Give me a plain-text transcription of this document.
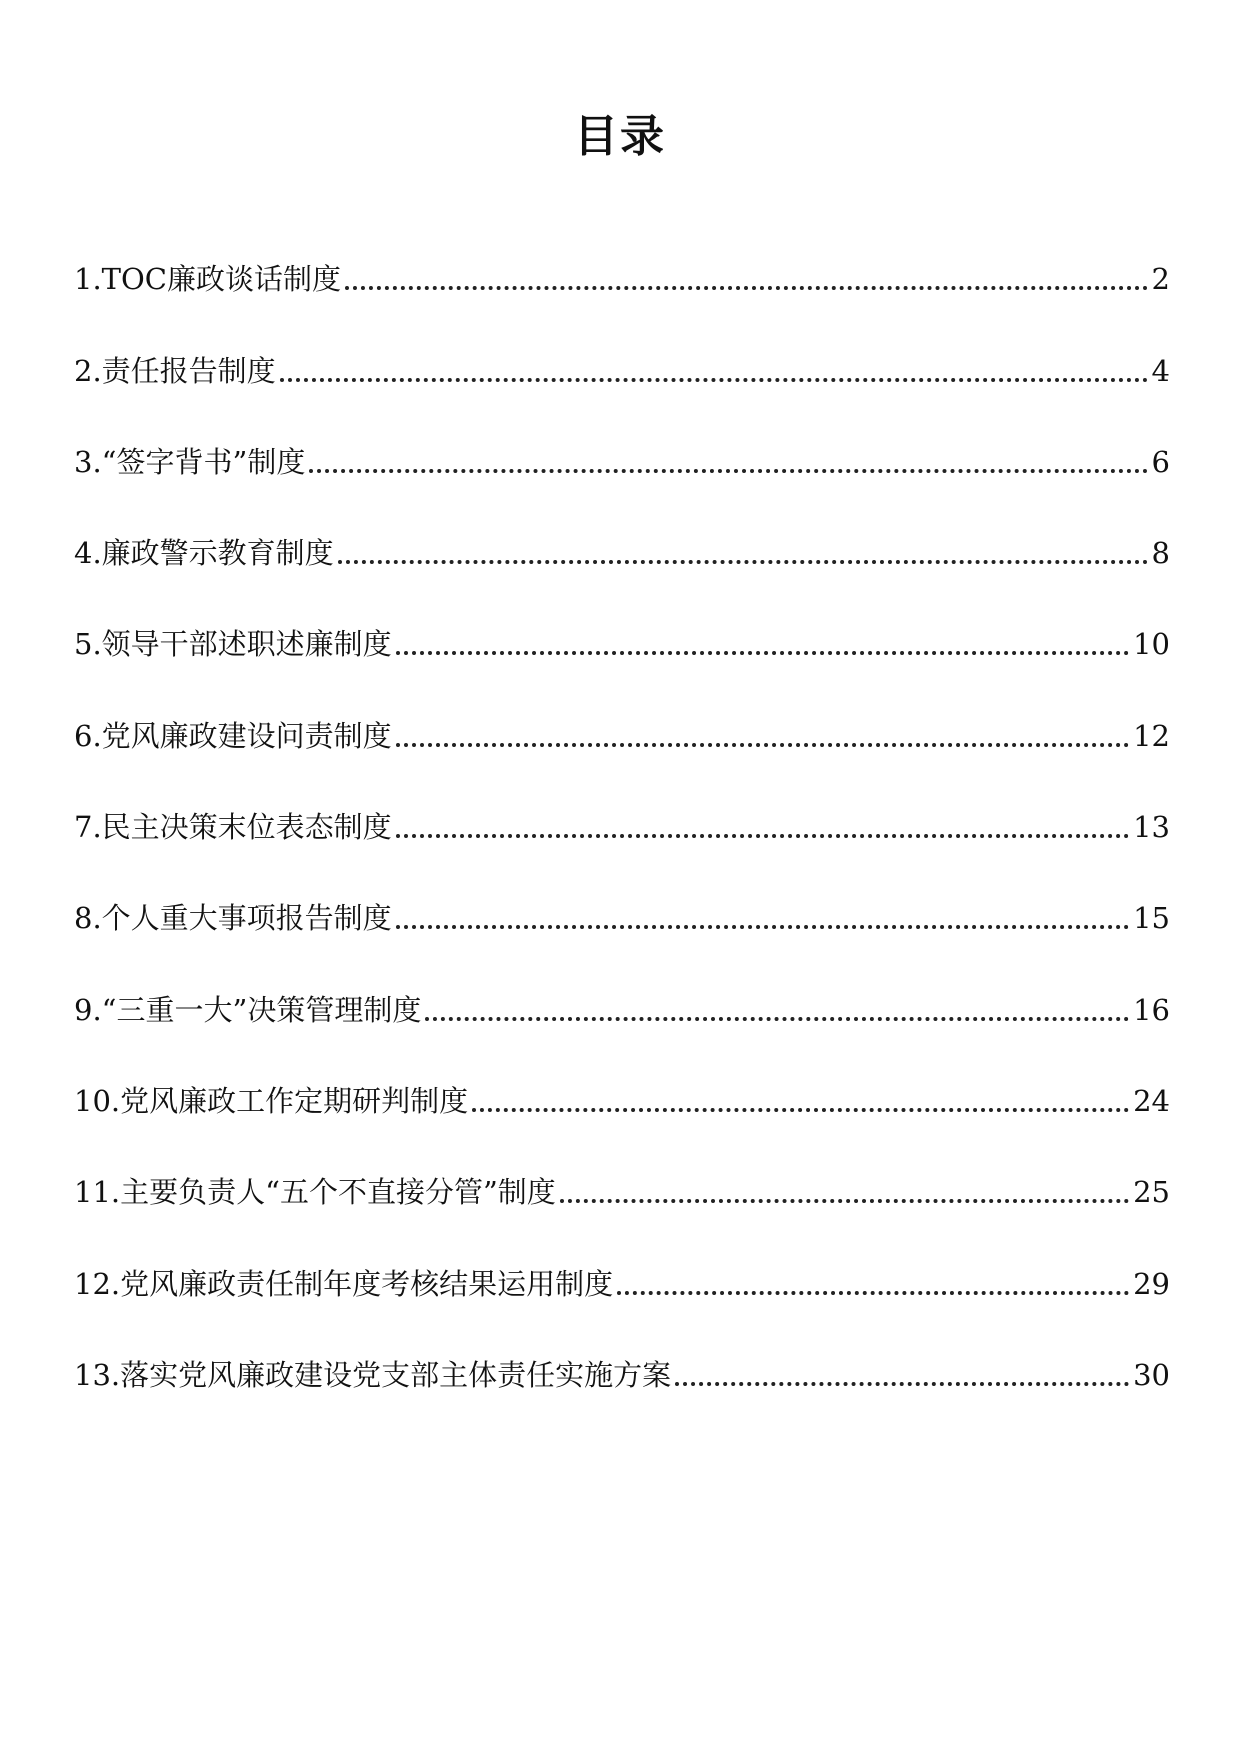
目录
1.TOC廉政谈话制度	2
2.责任报告制度	4
3.“签字背书”制度	6
4.廉政警示教育制度	8
5.领导干部述职述廉制度	10
6.党风廉政建设问责制度	12
7.民主决策末位表态制度	13
8.个人重大事项报告制度	15
9.“三重一大”决策管理制度	16
10.党风廉政工作定期研判制度	24
11.主要负责人“五个不直接分管”制度	25
12.党风廉政责任制年度考核结果运用制度	29
13.落实党风廉政建设党支部主体责任实施方案	30
